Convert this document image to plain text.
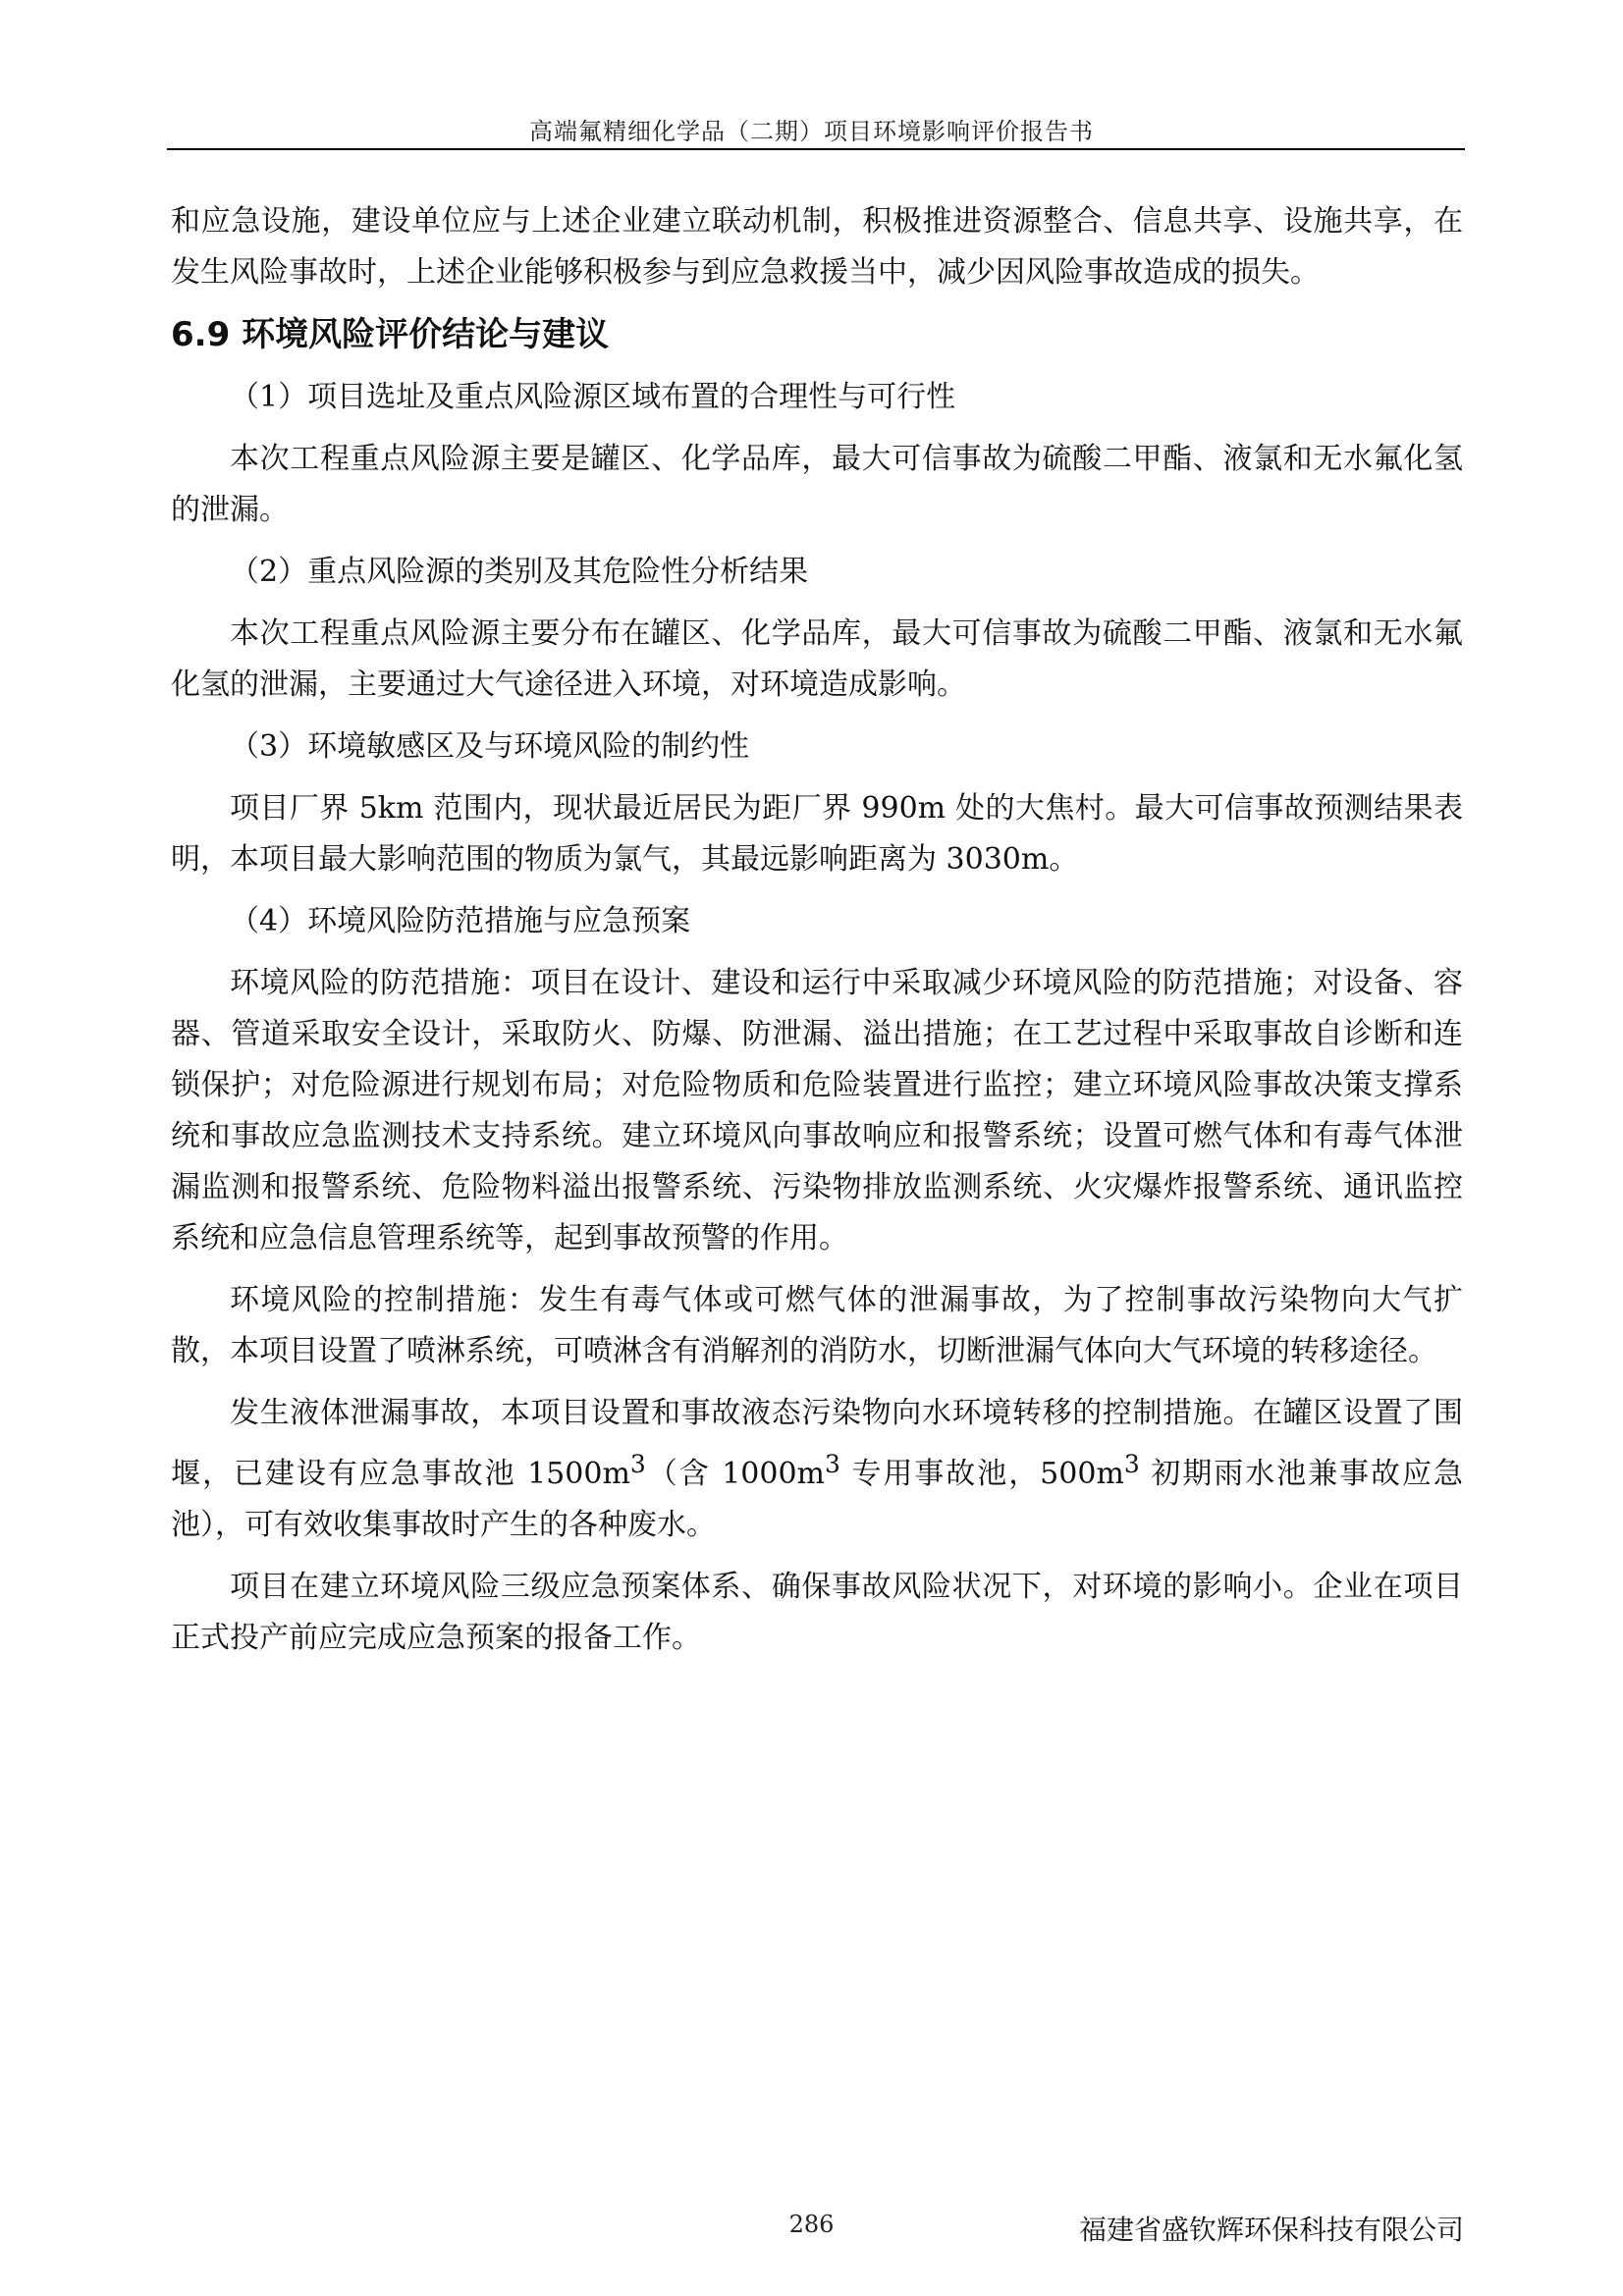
高端氟精细化学品（二期）项目环境影响评价报告书

和应急设施，建设单位应与上述企业建立联动机制，积极推进资源整合、信息共享、设施共享，在发生风险事故时，上述企业能够积极参与到应急救援当中，减少因风险事故造成的损失。

6.9 环境风险评价结论与建议

（1）项目选址及重点风险源区域布置的合理性与可行性

本次工程重点风险源主要是罐区、化学品库，最大可信事故为硫酸二甲酯、液氯和无水氟化氢的泄漏。

（2）重点风险源的类别及其危险性分析结果

本次工程重点风险源主要分布在罐区、化学品库，最大可信事故为硫酸二甲酯、液氯和无水氟化氢的泄漏，主要通过大气途径进入环境，对环境造成影响。

（3）环境敏感区及与环境风险的制约性

项目厂界 5km 范围内，现状最近居民为距厂界 990m 处的大焦村。最大可信事故预测结果表明，本项目最大影响范围的物质为氯气，其最远影响距离为 3030m。

（4）环境风险防范措施与应急预案

环境风险的防范措施：项目在设计、建设和运行中采取减少环境风险的防范措施；对设备、容器、管道采取安全设计，采取防火、防爆、防泄漏、溢出措施；在工艺过程中采取事故自诊断和连锁保护；对危险源进行规划布局；对危险物质和危险装置进行监控；建立环境风险事故决策支撑系统和事故应急监测技术支持系统。建立环境风向事故响应和报警系统；设置可燃气体和有毒气体泄漏监测和报警系统、危险物料溢出报警系统、污染物排放监测系统、火灾爆炸报警系统、通讯监控系统和应急信息管理系统等，起到事故预警的作用。

环境风险的控制措施：发生有毒气体或可燃气体的泄漏事故，为了控制事故污染物向大气扩散，本项目设置了喷淋系统，可喷淋含有消解剂的消防水，切断泄漏气体向大气环境的转移途径。

发生液体泄漏事故，本项目设置和事故液态污染物向水环境转移的控制措施。在罐区设置了围堰，已建设有应急事故池 $1500m^3$（含 $1000m^3$ 专用事故池，$500m^3$ 初期雨水池兼事故应急池），可有效收集事故时产生的各种废水。

项目在建立环境风险三级应急预案体系、确保事故风险状况下，对环境的影响小。企业在项目正式投产前应完成应急预案的报备工作。

286	福建省盛钦辉环保科技有限公司
